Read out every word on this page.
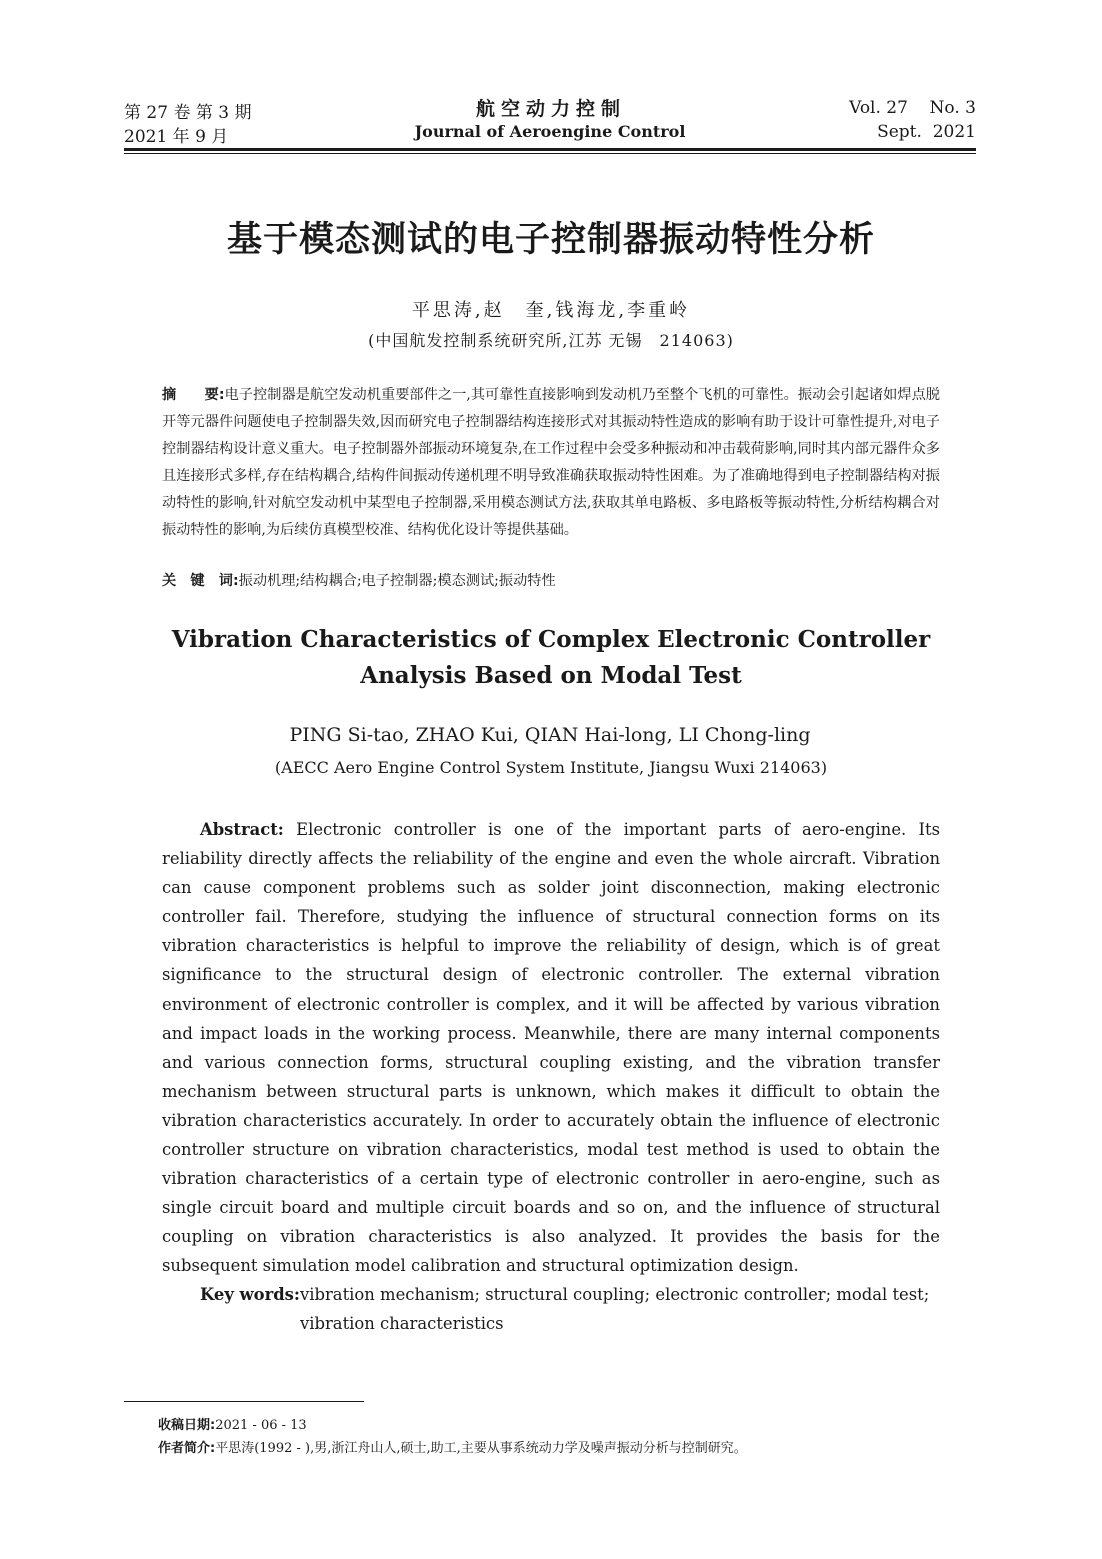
第 27 卷 第 3 期
2021 年 9 月
航空动力控制
Journal of Aeroengine Control
Vol. 27    No. 3
Sept.  2021
基于模态测试的电子控制器振动特性分析
平思涛,赵　奎,钱海龙,李重岭
(中国航发控制系统研究所,江苏 无锡　214063)
摘　　要:电子控制器是航空发动机重要部件之一,其可靠性直接影响到发动机乃至整个飞机的可靠性。振动会引起诸如焊点脱开等元器件问题使电子控制器失效,因而研究电子控制器结构连接形式对其振动特性造成的影响有助于设计可靠性提升,对电子控制器结构设计意义重大。电子控制器外部振动环境复杂,在工作过程中会受多种振动和冲击载荷影响,同时其内部元器件众多且连接形式多样,存在结构耦合,结构件间振动传递机理不明导致准确获取振动特性困难。为了准确地得到电子控制器结构对振动特性的影响,针对航空发动机中某型电子控制器,采用模态测试方法,获取其单电路板、多电路板等振动特性,分析结构耦合对振动特性的影响,为后续仿真模型校准、结构优化设计等提供基础。
关　键　词:振动机理;结构耦合;电子控制器;模态测试;振动特性
Vibration Characteristics of Complex Electronic Controller
Analysis Based on Modal Test
PING Si-tao, ZHAO Kui, QIAN Hai-long, LI Chong-ling
(AECC Aero Engine Control System Institute, Jiangsu Wuxi 214063)
Abstract: Electronic controller is one of the important parts of aero-engine. Its reliability directly affects the reliability of the engine and even the whole aircraft. Vibration can cause component problems such as solder joint disconnection, making electronic controller fail. Therefore, studying the influence of structural connection forms on its vibration characteristics is helpful to improve the reliability of design, which is of great significance to the structural design of electronic controller. The external vibration environment of electronic controller is complex, and it will be affected by various vibration and impact loads in the working process. Meanwhile, there are many internal components and various connection forms, structural coupling existing, and the vibration transfer mechanism between structural parts is unknown, which makes it difficult to obtain the vibration characteristics accurately. In order to accurately obtain the influence of electronic controller structure on vibration characteristics, modal test method is used to obtain the vibration characteristics of a certain type of electronic controller in aero-engine, such as single circuit board and multiple circuit boards and so on, and the influence of structural coupling on vibration characteristics is also analyzed. It provides the basis for the subsequent simulation model calibration and structural optimization design.
Key words: vibration mechanism; structural coupling; electronic controller; modal test; vibration characteristics
收稿日期:2021 - 06 - 13
作者简介:平思涛(1992 - ),男,浙江舟山人,硕士,助工,主要从事系统动力学及噪声振动分析与控制研究。
